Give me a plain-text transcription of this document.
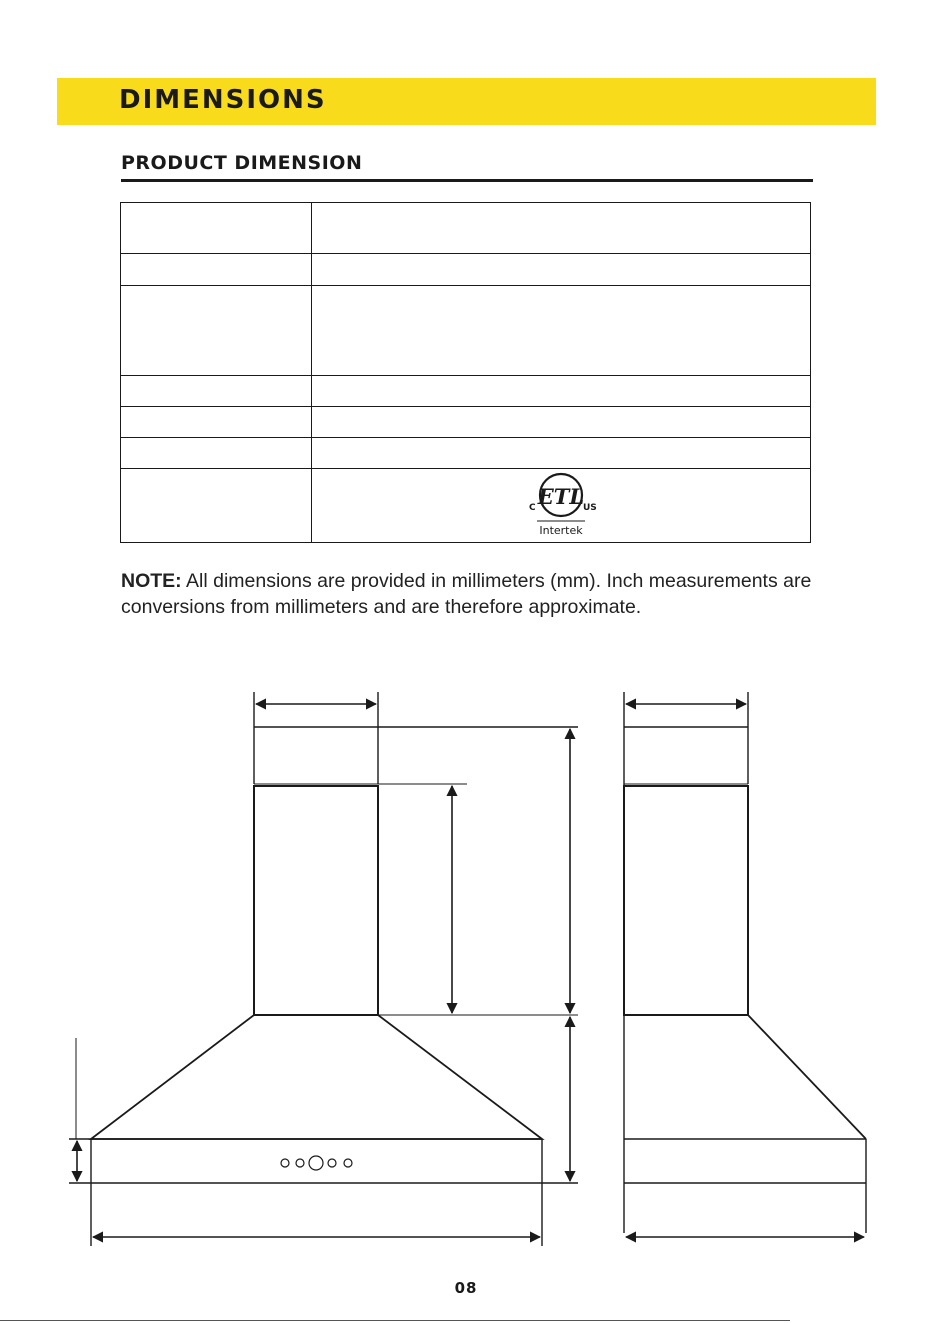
DIMENSIONS
PRODUCT DIMENSION

ETL
C US
Intertek

NOTE: All dimensions are provided in millimeters (mm). Inch measurements are conversions from millimeters and are therefore approximate.

08
